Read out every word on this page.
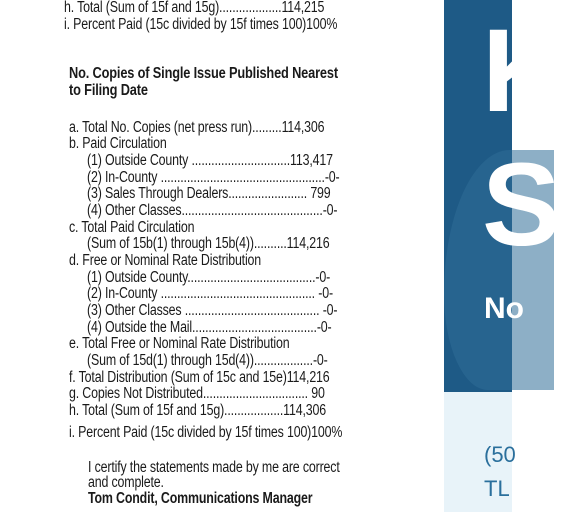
h. Total (Sum of 15f and 15g)...................114,215
i. Percent Paid (15c divided by 15f times 100)100%
No. Copies of Single Issue Published Nearest
to Filing Date
a. Total No. Copies (net press run).........114,306
b. Paid Circulation
(1) Outside County ..............................113,417
(2) In-County ..................................................-0-
(3) Sales Through Dealers........................ 799
(4) Other Classes...........................................-0-
c. Total Paid Circulation
(Sum of 15b(1) through 15b(4))..........114,216
d. Free or Nominal Rate Distribution
(1) Outside County.......................................-0-
(2) In-County ............................................... -0-
(3) Other Classes ......................................... -0-
(4) Outside the Mail......................................-0-
e. Total Free or Nominal Rate Distribution
(Sum of 15d(1) through 15d(4))..................-0-
f. Total Distribution (Sum of 15c and 15e)114,216
g. Copies Not Distributed................................ 90
h. Total (Sum of 15f and 15g)..................114,306
i. Percent Paid (15c divided by 15f times 100)100%
I certify the statements made by me are correct
and complete.
Tom Condit, Communications Manager
K
S
No
(50
TL
